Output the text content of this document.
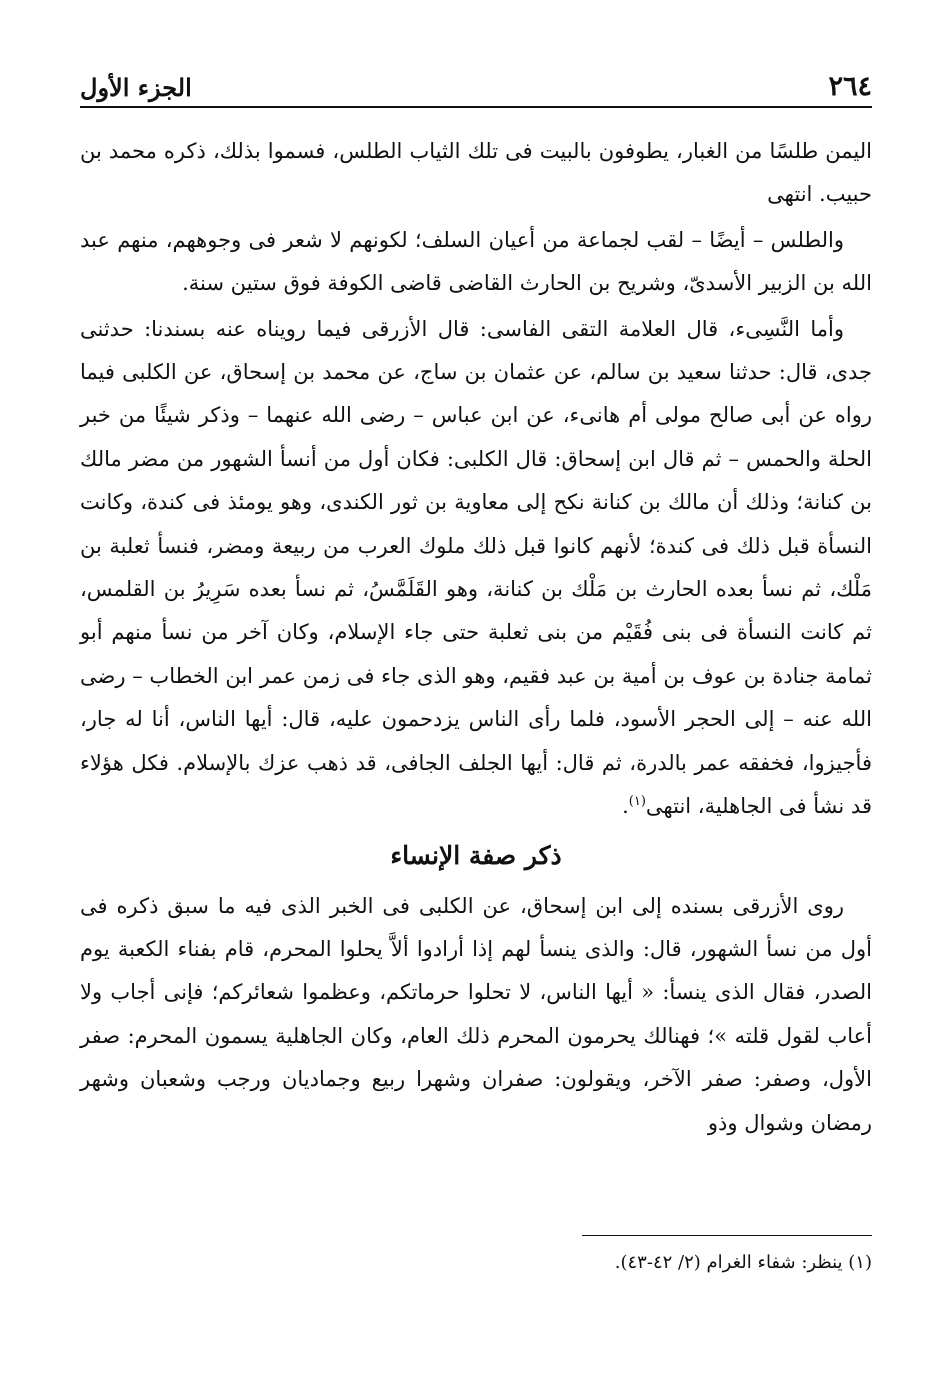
٢٦٤
الجزء الأول

اليمن طلسًا من الغبار، يطوفون بالبيت فى تلك الثياب الطلس، فسموا بذلك، ذكره محمد بن حبيب. انتهى

والطلس – أيضًا – لقب لجماعة من أعيان السلف؛ لكونهم لا شعر فى وجوههم، منهم عبد الله بن الزبير الأسدىّ، وشريح بن الحارث القاضى قاضى الكوفة فوق ستين سنة.

وأما النَّسِىء، قال العلامة التقى الفاسى: قال الأزرقى فيما رويناه عنه بسندنا: حدثنى جدى، قال: حدثنا سعيد بن سالم، عن عثمان بن ساج، عن محمد بن إسحاق، عن الكلبى فيما رواه عن أبى صالح مولى أم هانىء، عن ابن عباس – رضى الله عنهما – وذكر شيئًا من خبر الحلة والحمس – ثم قال ابن إسحاق: قال الكلبى: فكان أول من أنسأ الشهور من مضر مالك بن كنانة؛ وذلك أن مالك بن كنانة نكح إلى معاوية بن ثور الكندى، وهو يومئذ فى كندة، وكانت النسأة قبل ذلك فى كندة؛ لأنهم كانوا قبل ذلك ملوك العرب من ربيعة ومضر، فنسأ ثعلبة بن مَلْك، ثم نسأ بعده الحارث بن مَلْك بن كنانة، وهو القَلَمَّسُ، ثم نسأ بعده سَرِيرُ بن القلمس، ثم كانت النسأة فى بنى فُقَيْم من بنى ثعلبة حتى جاء الإسلام، وكان آخر من نسأ منهم أبو ثمامة جنادة بن عوف بن أمية بن عبد فقيم، وهو الذى جاء فى زمن عمر ابن الخطاب – رضى الله عنه – إلى الحجر الأسود، فلما رأى الناس يزدحمون عليه، قال: أيها الناس، أنا له جار، فأجيزوا، فخفقه عمر بالدرة، ثم قال: أيها الجلف الجافى، قد ذهب عزك بالإسلام. فكل هؤلاء قد نشأ فى الجاهلية، انتهى$^{(١)}$.

ذكر صفة الإنساء

روى الأزرقى بسنده إلى ابن إسحاق، عن الكلبى فى الخبر الذى فيه ما سبق ذكره فى أول من نسأ الشهور، قال: والذى ينسأ لهم إذا أرادوا ألاَّ يحلوا المحرم، قام بفناء الكعبة يوم الصدر، فقال الذى ينسأ: « أيها الناس، لا تحلوا حرماتكم، وعظموا شعائركم؛ فإنى أجاب ولا أعاب لقول قلته »؛ فهنالك يحرمون المحرم ذلك العام، وكان الجاهلية يسمون المحرم: صفر الأول، وصفر: صفر الآخر، ويقولون: صفران وشهرا ربيع وجماديان ورجب وشعبان وشهر رمضان وشوال وذو

(١) ينظر: شفاء الغرام (٢/ ٤٢-٤٣).
